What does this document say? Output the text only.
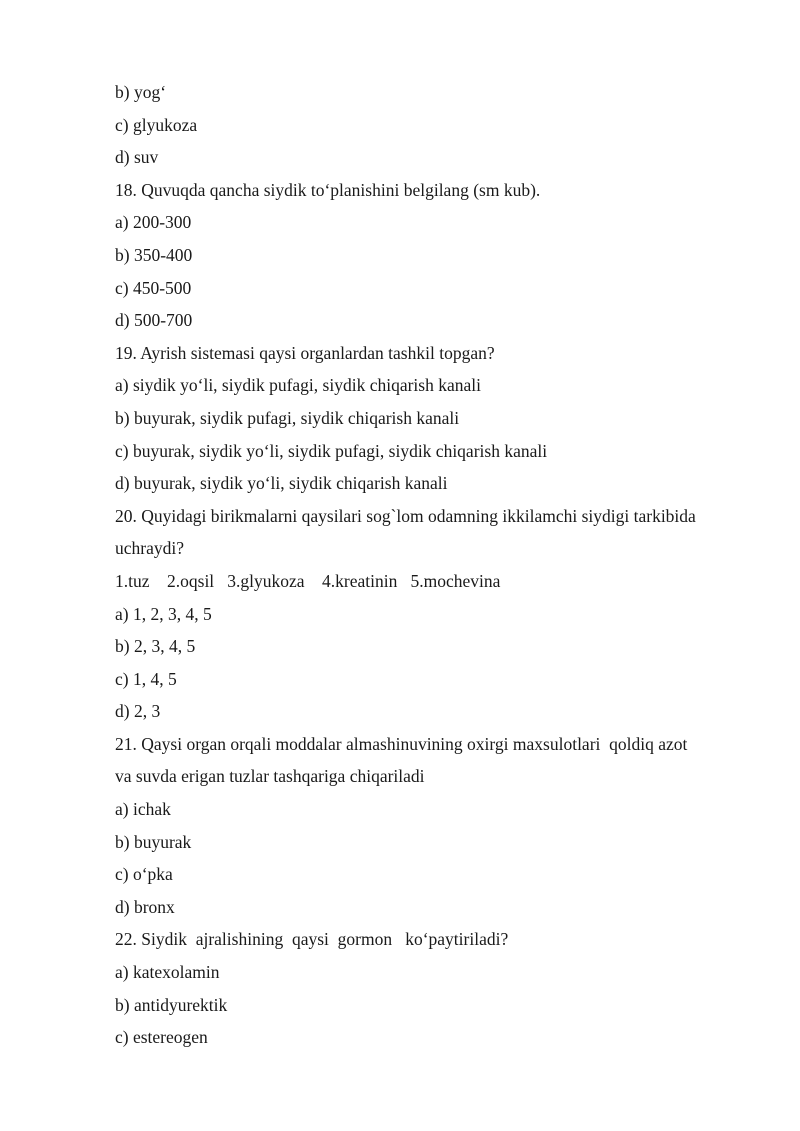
b) yog‘

c) glyukoza

d) suv

18. Quvuqda qancha siydik to‘planishini belgilang (sm kub).

a) 200-300

b) 350-400

c) 450-500

d) 500-700

19. Ayrish sistemasi qaysi organlardan tashkil topgan?

a) siydik yo‘li, siydik pufagi, siydik chiqarish kanali

b) buyurak, siydik pufagi, siydik chiqarish kanali

c) buyurak, siydik yo‘li, siydik pufagi, siydik chiqarish kanali

d) buyurak, siydik yo‘li, siydik chiqarish kanali

20. Quyidagi birikmalarni qaysilari sog`lom odamning ikkilamchi siydigi tarkibida

uchraydi?

1.tuz    2.oqsil   3.glyukoza    4.kreatinin   5.mochevina

a) 1, 2, 3, 4, 5

b) 2, 3, 4, 5

c) 1, 4, 5

d) 2, 3

21. Qaysi organ orqali moddalar almashinuvining oxirgi maxsulotlari  qoldiq azot

va suvda erigan tuzlar tashqariga chiqariladi

a) ichak

b) buyurak

c) o‘pka

d) bronx

22. Siydik  ajralishining  qaysi  gormon   ko‘paytiriladi?

a) katexolamin

b) antidyurektik

c) estereogen
